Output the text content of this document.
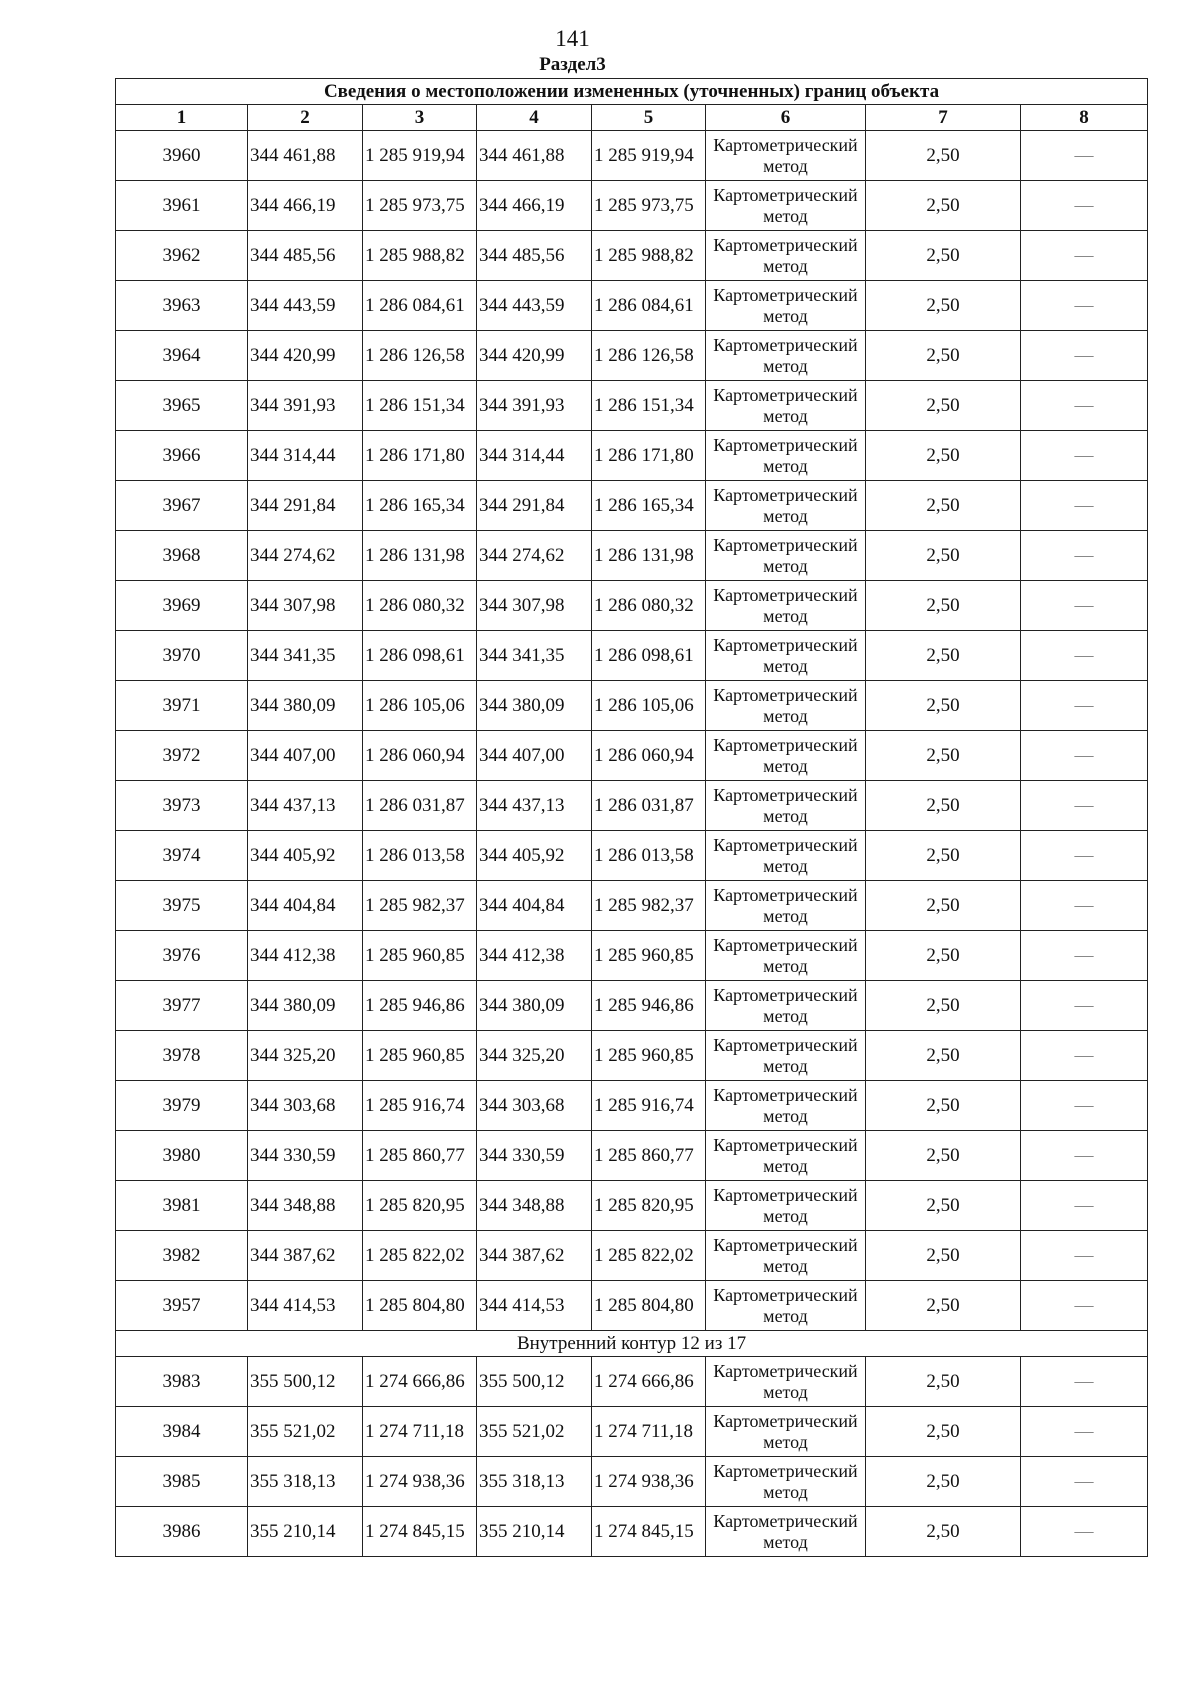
141
Раздел3
Сведения о местоположении измененных (уточненных) границ объекта							
1	2	3	4	5	6	7	8
3960	344 461,88	1 285 919,94	344 461,88	1 285 919,94	Картометрический метод	2,50	—
3961	344 466,19	1 285 973,75	344 466,19	1 285 973,75	Картометрический метод	2,50	—
3962	344 485,56	1 285 988,82	344 485,56	1 285 988,82	Картометрический метод	2,50	—
3963	344 443,59	1 286 084,61	344 443,59	1 286 084,61	Картометрический метод	2,50	—
3964	344 420,99	1 286 126,58	344 420,99	1 286 126,58	Картометрический метод	2,50	—
3965	344 391,93	1 286 151,34	344 391,93	1 286 151,34	Картометрический метод	2,50	—
3966	344 314,44	1 286 171,80	344 314,44	1 286 171,80	Картометрический метод	2,50	—
3967	344 291,84	1 286 165,34	344 291,84	1 286 165,34	Картометрический метод	2,50	—
3968	344 274,62	1 286 131,98	344 274,62	1 286 131,98	Картометрический метод	2,50	—
3969	344 307,98	1 286 080,32	344 307,98	1 286 080,32	Картометрический метод	2,50	—
3970	344 341,35	1 286 098,61	344 341,35	1 286 098,61	Картометрический метод	2,50	—
3971	344 380,09	1 286 105,06	344 380,09	1 286 105,06	Картометрический метод	2,50	—
3972	344 407,00	1 286 060,94	344 407,00	1 286 060,94	Картометрический метод	2,50	—
3973	344 437,13	1 286 031,87	344 437,13	1 286 031,87	Картометрический метод	2,50	—
3974	344 405,92	1 286 013,58	344 405,92	1 286 013,58	Картометрический метод	2,50	—
3975	344 404,84	1 285 982,37	344 404,84	1 285 982,37	Картометрический метод	2,50	—
3976	344 412,38	1 285 960,85	344 412,38	1 285 960,85	Картометрический метод	2,50	—
3977	344 380,09	1 285 946,86	344 380,09	1 285 946,86	Картометрический метод	2,50	—
3978	344 325,20	1 285 960,85	344 325,20	1 285 960,85	Картометрический метод	2,50	—
3979	344 303,68	1 285 916,74	344 303,68	1 285 916,74	Картометрический метод	2,50	—
3980	344 330,59	1 285 860,77	344 330,59	1 285 860,77	Картометрический метод	2,50	—
3981	344 348,88	1 285 820,95	344 348,88	1 285 820,95	Картометрический метод	2,50	—
3982	344 387,62	1 285 822,02	344 387,62	1 285 822,02	Картометрический метод	2,50	—
3957	344 414,53	1 285 804,80	344 414,53	1 285 804,80	Картометрический метод	2,50	—
Внутренний контур 12 из 17							
3983	355 500,12	1 274 666,86	355 500,12	1 274 666,86	Картометрический метод	2,50	—
3984	355 521,02	1 274 711,18	355 521,02	1 274 711,18	Картометрический метод	2,50	—
3985	355 318,13	1 274 938,36	355 318,13	1 274 938,36	Картометрический метод	2,50	—
3986	355 210,14	1 274 845,15	355 210,14	1 274 845,15	Картометрический метод	2,50	—
